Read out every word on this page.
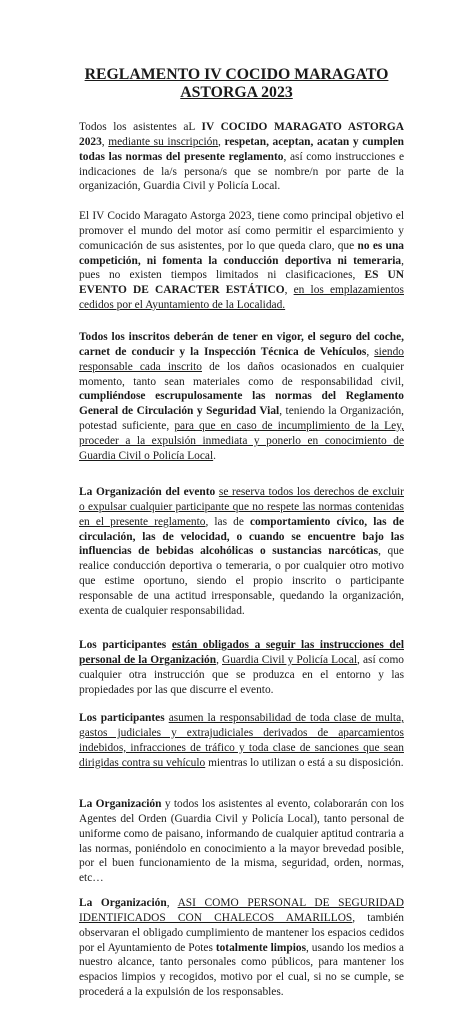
REGLAMENTO IV COCIDO MARAGATO
ASTORGA 2023

Todos los asistentes aL IV COCIDO MARAGATO ASTORGA 2023, mediante su inscripción, respetan, aceptan, acatan y cumplen todas las normas del presente reglamento, así como instrucciones e indicaciones de la/s persona/s que se nombre/n por parte de la organización, Guardia Civil y Policía Local.

El IV Cocido Maragato Astorga 2023, tiene como principal objetivo el promover el mundo del motor así como permitir el esparcimiento y comunicación de sus asistentes, por lo que queda claro, que no es una competición, ni fomenta la conducción deportiva ni temeraria, pues no existen tiempos limitados ni clasificaciones, ES UN EVENTO DE CARACTER ESTÁTICO, en los emplazamientos cedidos por el Ayuntamiento de la Localidad.

Todos los inscritos deberán de tener en vigor, el seguro del coche, carnet de conducir y la Inspección Técnica de Vehículos, siendo responsable cada inscrito de los daños ocasionados en cualquier momento, tanto sean materiales como de responsabilidad civil, cumpliéndose escrupulosamente las normas del Reglamento General de Circulación y Seguridad Vial, teniendo la Organización, potestad suficiente, para que en caso de incumplimiento de la Ley, proceder a la expulsión inmediata y ponerlo en conocimiento de Guardia Civil o Policía Local.

La Organización del evento se reserva todos los derechos de excluir o expulsar cualquier participante que no respete las normas contenidas en el presente reglamento, las de comportamiento cívico, las de circulación, las de velocidad, o cuando se encuentre bajo las influencias de bebidas alcohólicas o sustancias narcóticas, que realice conducción deportiva o temeraria, o por cualquier otro motivo que estime oportuno, siendo el propio inscrito o participante responsable de una actitud irresponsable, quedando la organización, exenta de cualquier responsabilidad.

Los participantes están obligados a seguir las instrucciones del personal de la Organización, Guardia Civil y Policía Local, así como cualquier otra instrucción que se produzca en el entorno y las propiedades por las que discurre el evento.

Los participantes asumen la responsabilidad de toda clase de multa, gastos judiciales y extrajudiciales derivados de aparcamientos indebidos, infracciones de tráfico y toda clase de sanciones que sean dirigidas contra su vehículo mientras lo utilizan o está a su disposición.

La Organización y todos los asistentes al evento, colaborarán con los Agentes del Orden (Guardia Civil y Policía Local), tanto personal de uniforme como de paisano, informando de cualquier aptitud contraria a las normas, poniéndolo en conocimiento a la mayor brevedad posible, por el buen funcionamiento de la misma, seguridad, orden, normas, etc…

La Organización, ASI COMO PERSONAL DE SEGURIDAD IDENTIFICADOS CON CHALECOS AMARILLOS, también observaran el obligado cumplimiento de mantener los espacios cedidos por el Ayuntamiento de Potes totalmente limpios, usando los medios a nuestro alcance, tanto personales como públicos, para mantener los espacios limpios y recogidos, motivo por el cual, si no se cumple, se procederá a la expulsión de los responsables.
